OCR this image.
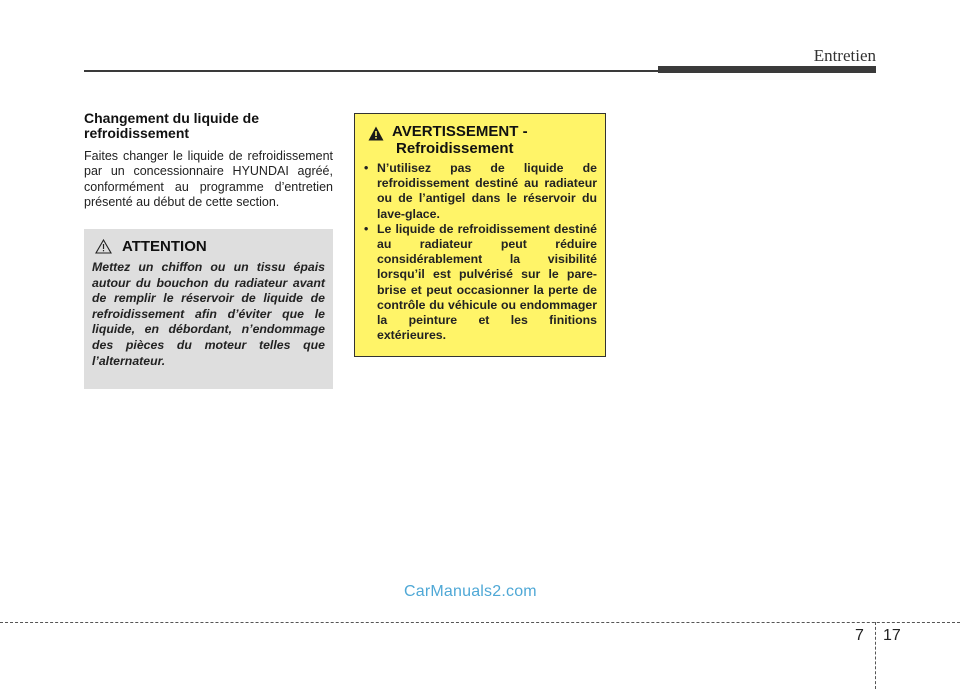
Entretien
Changement du liquide de refroidissement

Faites changer le liquide de refroidissement par un concessionnaire HYUNDAI agréé, conformément au programme d’entretien présenté au début de cette section.

ATTENTION

Mettez un chiffon ou un tissu épais autour du bouchon du radiateur avant de remplir le réservoir de liquide de refroidissement afin d’éviter que le liquide, en débordant, n’endommage des pièces du moteur telles que l’alternateur.

AVERTISSEMENT -
Refroidissement
• N’utilisez pas de liquide de refroidissement destiné au radiateur ou de l’antigel dans le réservoir du lave-glace.
• Le liquide de refroidissement destiné au radiateur peut réduire considérablement la visibilité lorsqu’il est pulvérisé sur le pare-brise et peut occasionner la perte de contrôle du véhicule ou endommager la peinture et les finitions extérieures.
CarManuals2.com
7 17
